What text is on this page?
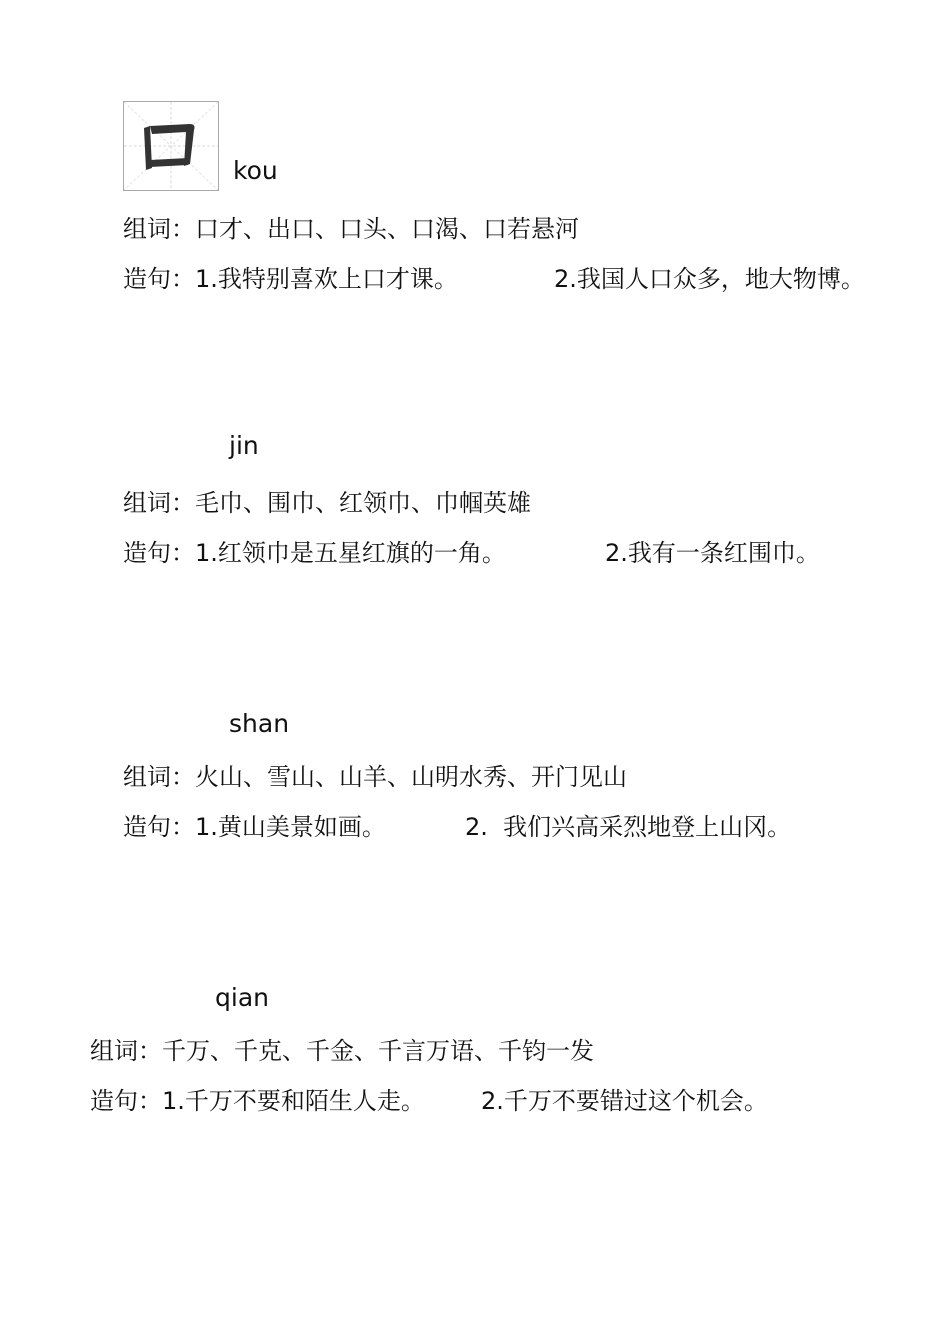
kou
组词：口才、出口、口头、口渴、口若悬河
造句：1.我特别喜欢上口才课。	2.我国人口众多，地大物博。
jin
组词：毛巾、围巾、红领巾、巾帼英雄
造句：1.红领巾是五星红旗的一角。	2.我有一条红围巾。
shan
组词：火山、雪山、山羊、山明水秀、开门见山
造句：1.黄山美景如画。	2.  我们兴高采烈地登上山冈。
qian
组词：千万、千克、千金、千言万语、千钧一发
造句：1.千万不要和陌生人走。 2.千万不要错过这个机会。
